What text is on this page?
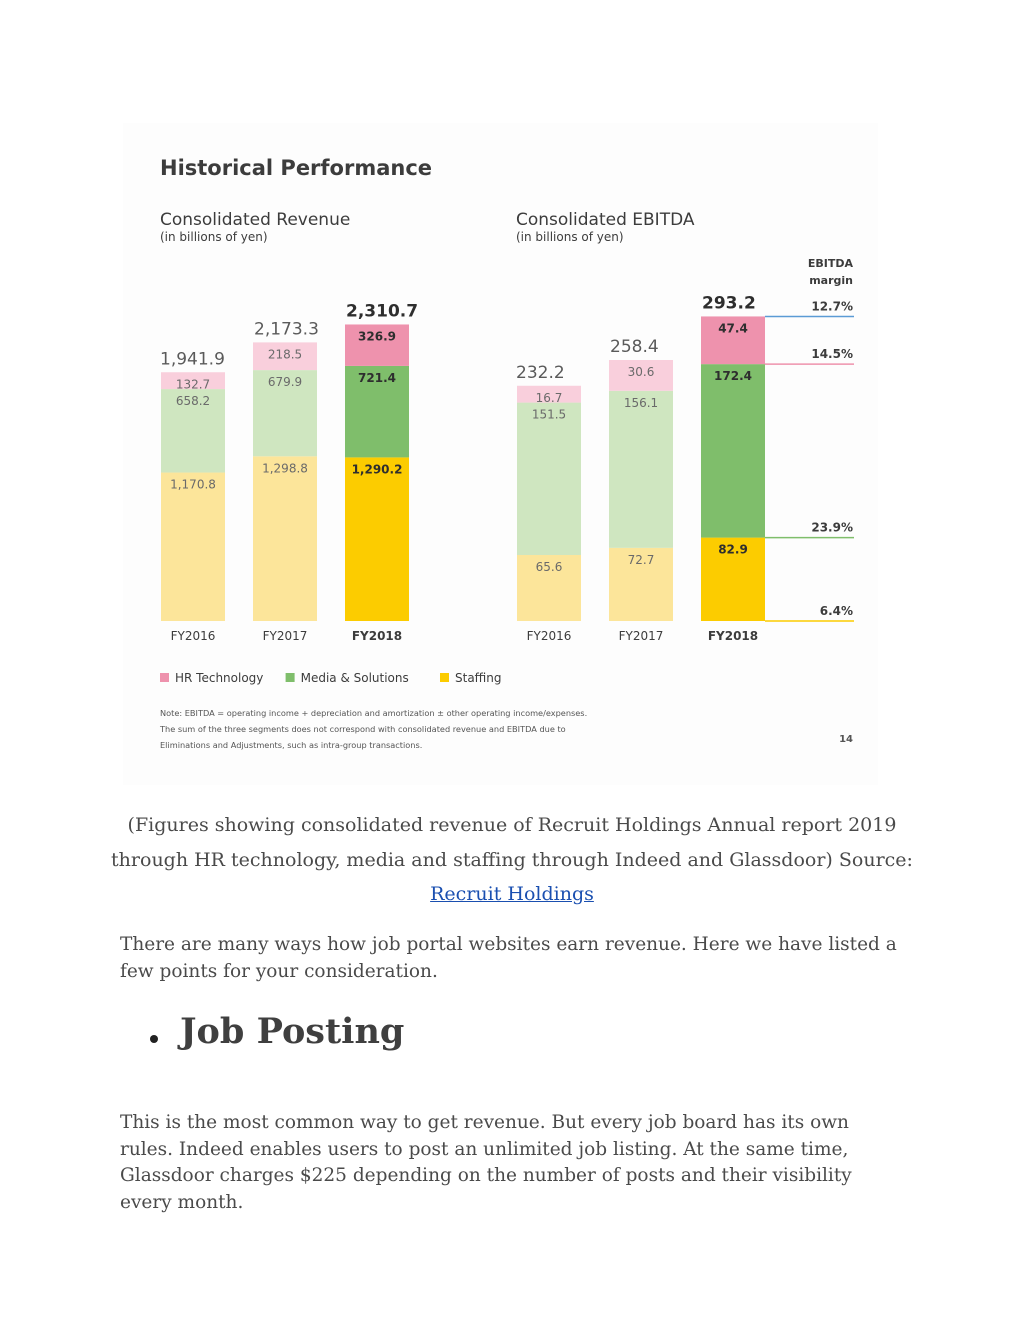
Historical Performance
Consolidated Revenue
(in billions of yen)
1,170.8
658.2
132.7
1,941.9
FY2016
1,298.8
679.9
218.5
2,173.3
FY2017
1,290.2
721.4
326.9
2,310.7
FY2018
Consolidated EBITDA
(in billions of yen)
65.6
151.5
16.7
232.2
FY2016
72.7
156.1
30.6
258.4
FY2017
82.9
172.4
47.4
293.2
FY2018
EBITDA
margin
12.7%
14.5%
23.9%
6.4%
HR Technology	Media & Solutions	Staffing
Note: EBITDA = operating income + depreciation and amortization ± other operating income/expenses.
The sum of the three segments does not correspond with consolidated revenue and EBITDA due to
Eliminations and Adjustments, such as intra-group transactions.	14
(Figures showing consolidated revenue of Recruit Holdings Annual report 2019 through HR technology, media and staffing through Indeed and Glassdoor) Source: Recruit Holdings

There are many ways how job portal websites earn revenue. Here we have listed a few points for your consideration.

Job Posting

This is the most common way to get revenue. But every job board has its own rules. Indeed enables users to post an unlimited job listing. At the same time, Glassdoor charges $225 depending on the number of posts and their visibility every month.
